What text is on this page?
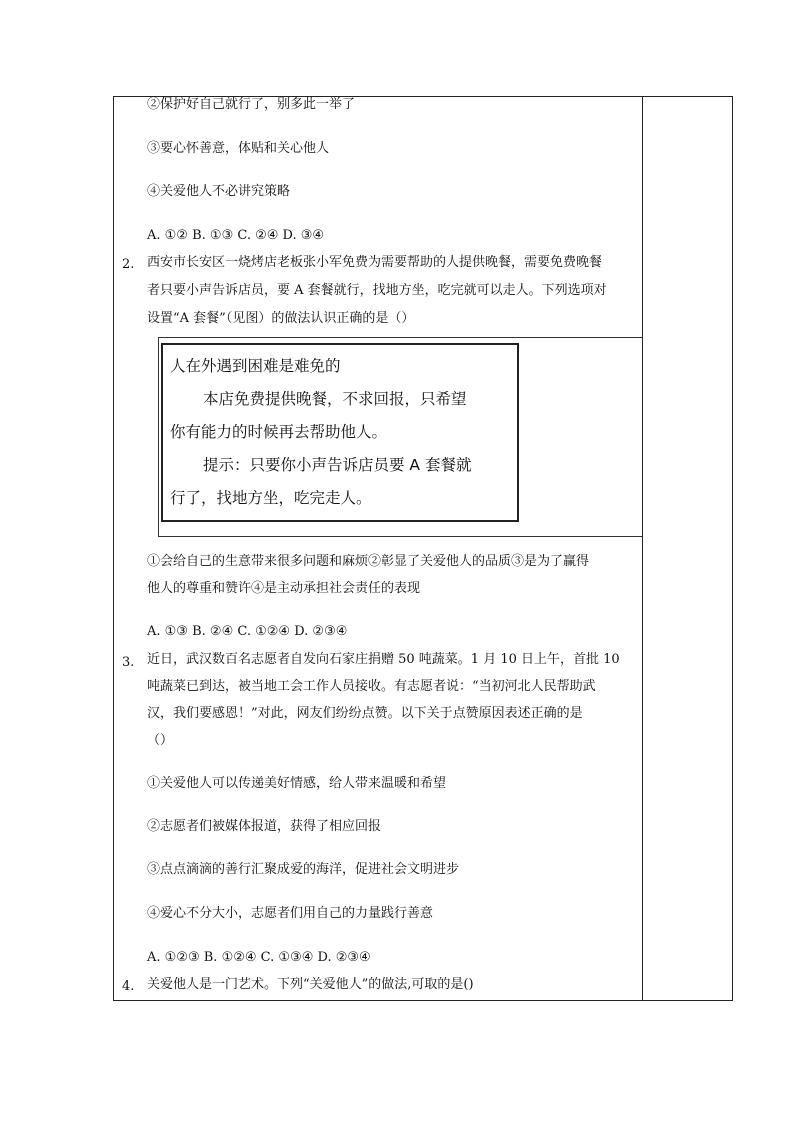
②保护好自己就行了，别多此一举了
③要心怀善意，体贴和关心他人
④关爱他人不必讲究策略
A. ①② B. ①③ C. ②④ D. ③④
2. 西安市长安区一烧烤店老板张小军免费为需要帮助的人提供晚餐，需要免费晚餐
者只要小声告诉店员，要 A 套餐就行，找地方坐，吃完就可以走人。下列选项对
设置“A 套餐”（见图）的做法认识正确的是（）
人在外遇到困难是难免的
本店免费提供晚餐，不求回报，只希望
你有能力的时候再去帮助他人。
提示：只要你小声告诉店员要 A 套餐就
行了，找地方坐，吃完走人。
①会给自己的生意带来很多问题和麻烦②彰显了关爱他人的品质③是为了赢得
他人的尊重和赞许④是主动承担社会责任的表现
A. ①③ B. ②④ C. ①②④ D. ②③④
3. 近日，武汉数百名志愿者自发向石家庄捐赠 50 吨蔬菜。1 月 10 日上午，首批 10
吨蔬菜已到达，被当地工会工作人员接收。有志愿者说：“当初河北人民帮助武
汉，我们要感恩！”对此，网友们纷纷点赞。以下关于点赞原因表述正确的是
（）
①关爱他人可以传递美好情感，给人带来温暖和希望
②志愿者们被媒体报道，获得了相应回报
③点点滴滴的善行汇聚成爱的海洋，促进社会文明进步
④爱心不分大小，志愿者们用自己的力量践行善意
A. ①②③ B. ①②④ C. ①③④ D. ②③④
4. 关爱他人是一门艺术。下列“关爱他人”的做法,可取的是()
